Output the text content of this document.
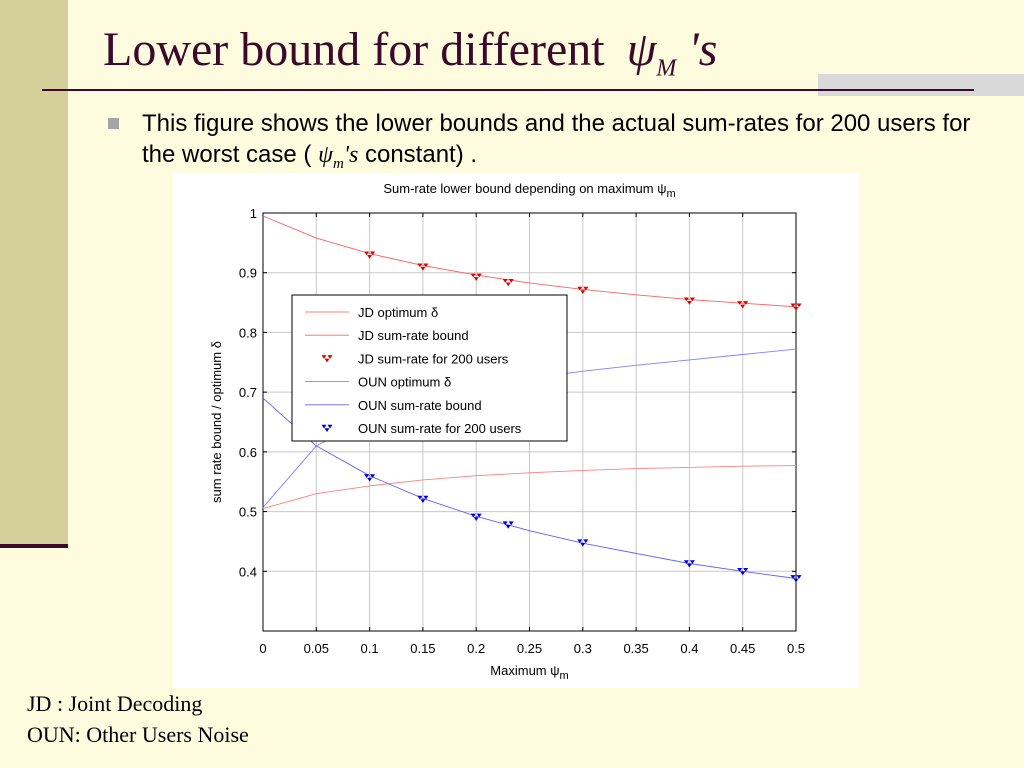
Lower bound for different $\psi_M$ 's

This figure shows the lower bounds and the actual sum-rates for 200 users for the worst case ( $\psi_m's$ constant) .

0	0.05 0.1 0.15 0.2 0.25 0.3 0.35 0.4 0.45 0.5
0.4
0.5
0.6
0.7
0.8
0.9
1
Sum-rate lower bound depending on maximum $\psi_m$
Maximum $\psi_m$
sum rate bound / optimum δ
JD optimum δ
JD sum-rate bound
JD sum-rate for 200 users
OUN optimum δ
OUN sum-rate bound
OUN sum-rate for 200 users
JD : Joint Decoding
OUN: Other Users Noise
